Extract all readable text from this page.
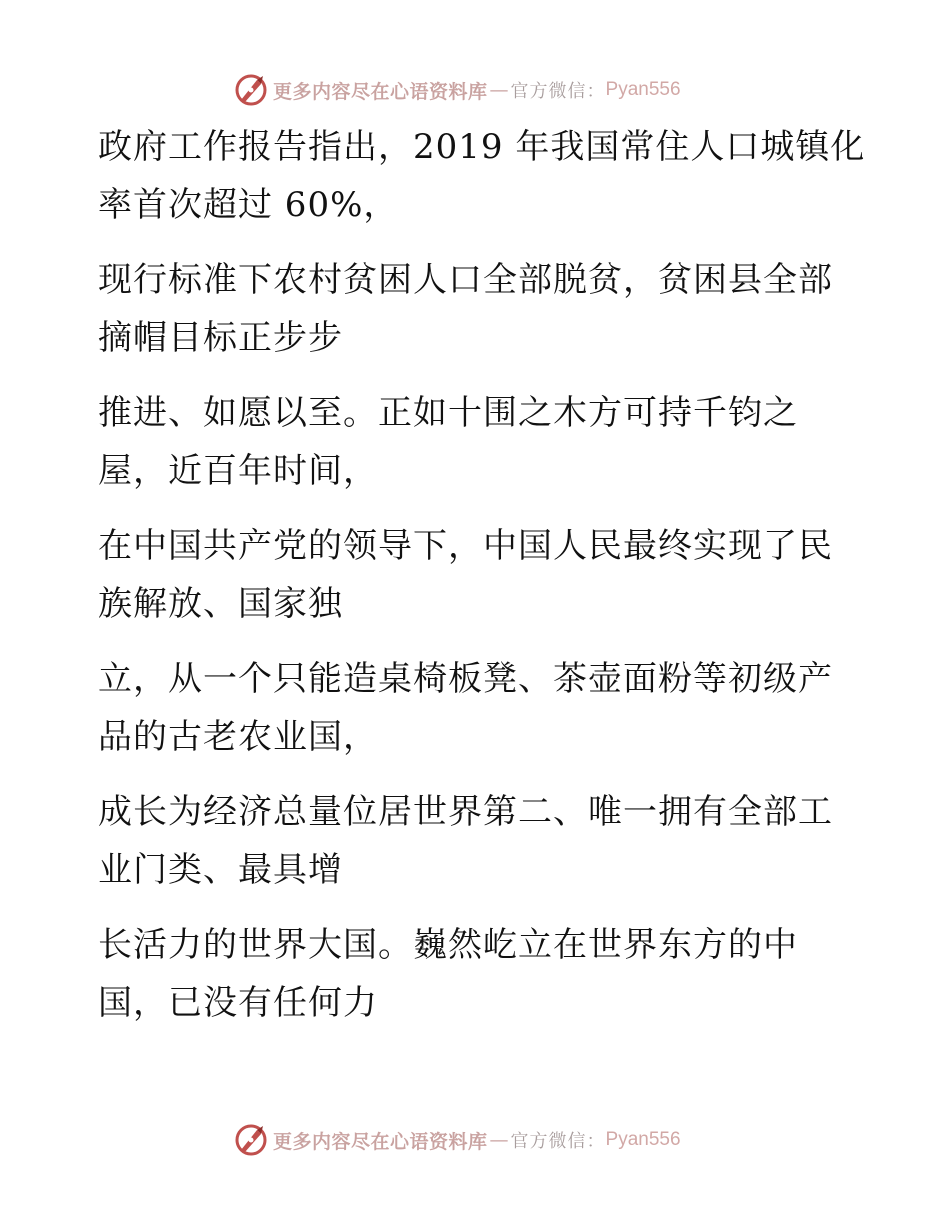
更多内容尽在心语资料库 — 官方微信： Pyan556
政府工作报告指出，2019 年我国常住人口城镇化
率首次超过 60%，
现行标准下农村贫困人口全部脱贫，贫困县全部
摘帽目标正步步
推进、如愿以至。正如十围之木方可持千钧之
屋，近百年时间，
在中国共产党的领导下，中国人民最终实现了民
族解放、国家独
立，从一个只能造桌椅板凳、茶壶面粉等初级产
品的古老农业国，
成长为经济总量位居世界第二、唯一拥有全部工
业门类、最具增
长活力的世界大国。巍然屹立在世界东方的中
国，已没有任何力
更多内容尽在心语资料库 — 官方微信： Pyan556
